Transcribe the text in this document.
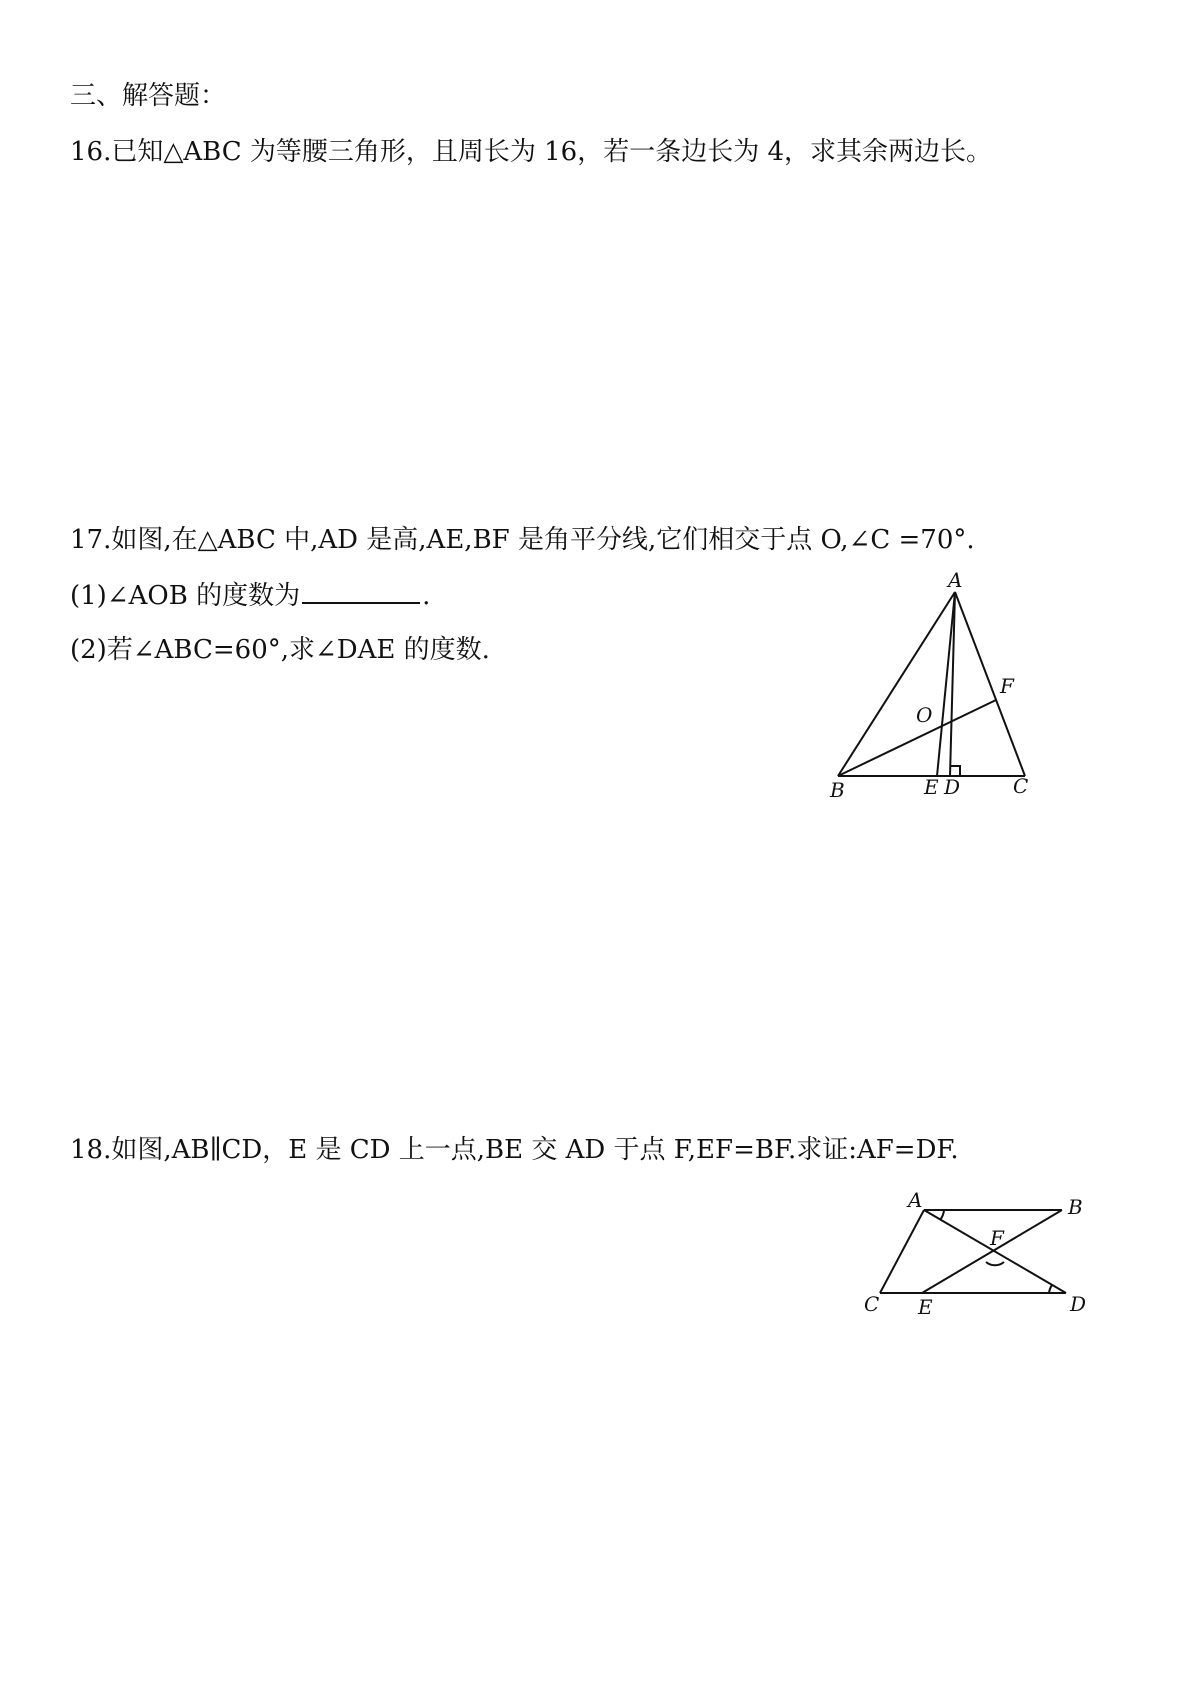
三、解答题：
16.已知△ABC 为等腰三角形，且周长为 16，若一条边长为 4，求其余两边长。
17.如图,在△ABC 中,AD 是高,AE,BF 是角平分线,它们相交于点 O,∠C =70°.
(1)∠AOB 的度数为	.
(2)若∠ABC=60°,求∠DAE 的度数.
A
B	C
D
E
F
O
18.如图,AB∥CD，E 是 CD 上一点,BE 交 AD 于点 F,EF=BF.求证:AF=DF.
A	B
C	D
E
F
